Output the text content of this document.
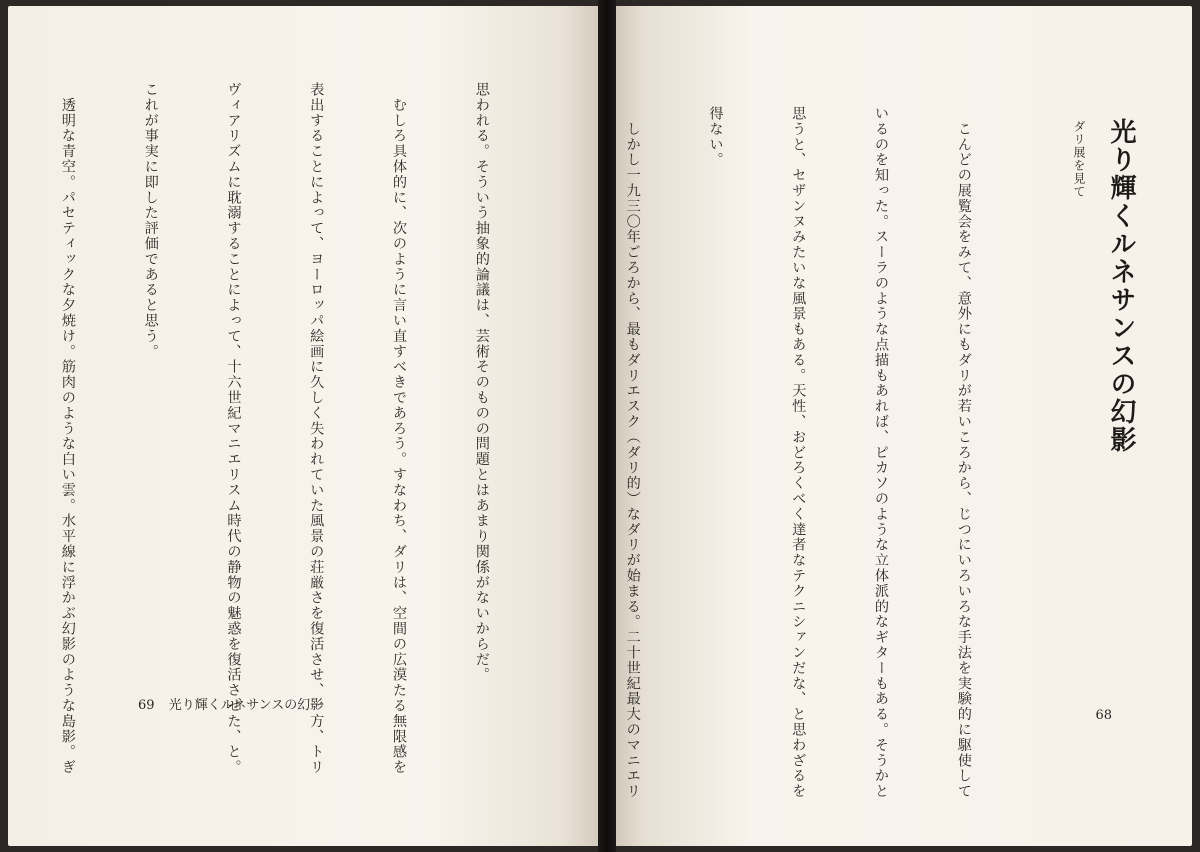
思われる。そういう抽象的論議は、芸術そのものの問題とはあまり関係がないからだ。

　むしろ具体的に、次のように言い直すべきであろう。すなわち、ダリは、空間の広漠たる無限感を

表出することによって、ヨーロッパ絵画に久しく失われていた風景の荘厳さを復活させ、一方、トリ

ヴィアリズムに耽溺することによって、十六世紀マニエリスム時代の静物の魅惑を復活させた、と。

これが事実に即した評価であると思う。

　透明な青空。パセティックな夕焼け。筋肉のような白い雲。水平線に浮かぶ幻影のような島影。ぎ

	69 光り輝くルネサンスの幻影
光り輝くルネサンスの幻影
ダリ展を見て

　こんどの展覧会をみて、意外にもダリが若いころから、じつにいろいろな手法を実験的に駆使して

いるのを知った。スーラのような点描もあれば、ピカソのような立体派的なギターもある。そうかと

思うと、セザンヌみたいな風景もある。天性、おどろくべく達者なテクニシァンだな、と思わざるを

得ない。

　しかし一九三〇年ごろから、最もダリエスク（ダリ的）なダリが始まる。二十世紀最大のマニエリ

	68
